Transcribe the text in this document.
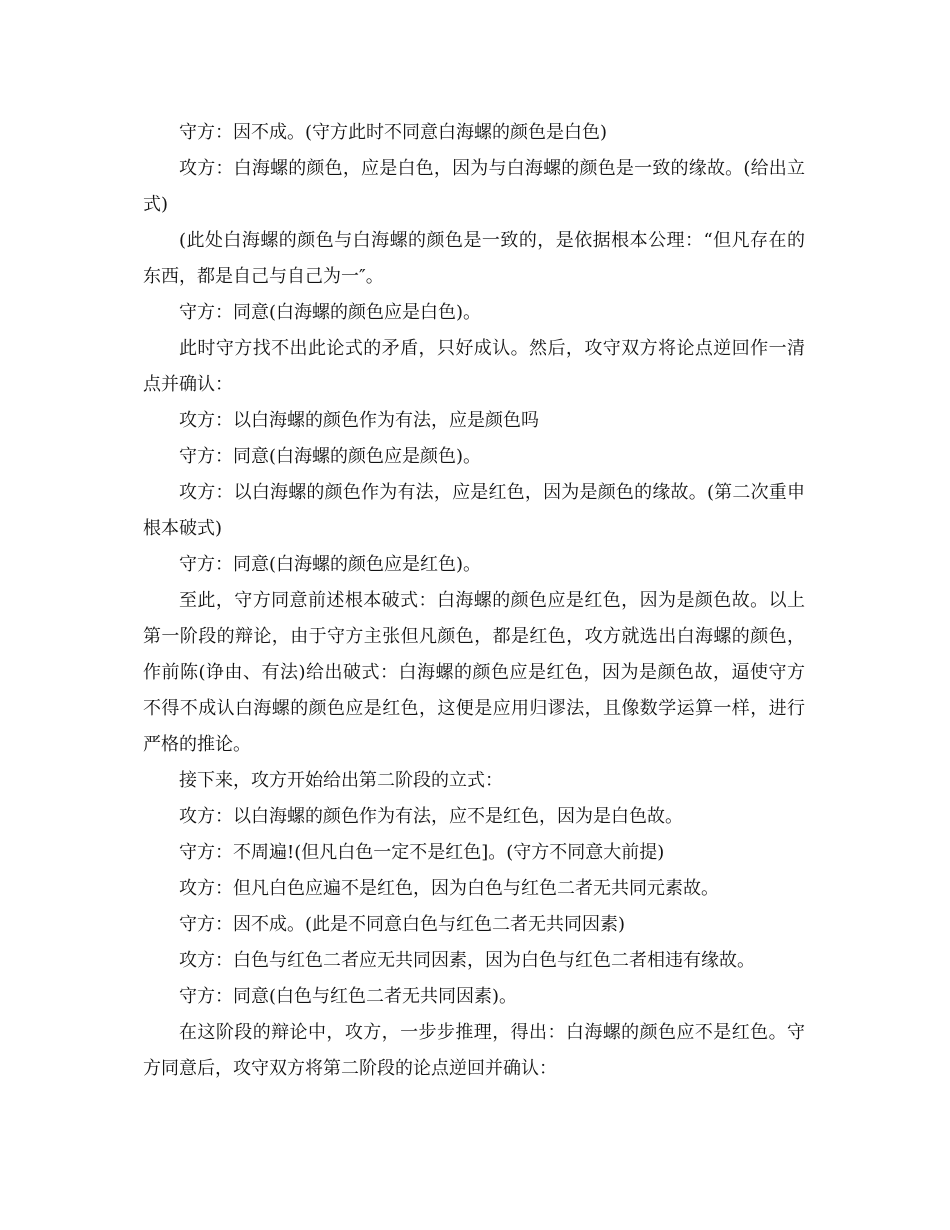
守方：因不成。(守方此时不同意白海螺的颜色是白色)

攻方：白海螺的颜色，应是白色，因为与白海螺的颜色是一致的缘故。(给出立式)

(此处白海螺的颜色与白海螺的颜色是一致的，是依据根本公理：“但凡存在的东西，都是自己与自己为一″。

守方：同意(白海螺的颜色应是白色)。

此时守方找不出此论式的矛盾，只好成认。然后，攻守双方将论点逆回作一清点并确认：

攻方：以白海螺的颜色作为有法，应是颜色吗

守方：同意(白海螺的颜色应是颜色)。

攻方：以白海螺的颜色作为有法，应是红色，因为是颜色的缘故。(第二次重申根本破式)

守方：同意(白海螺的颜色应是红色)。

至此，守方同意前述根本破式：白海螺的颜色应是红色，因为是颜色故。以上第一阶段的辩论，由于守方主张但凡颜色，都是红色，攻方就选出白海螺的颜色，作前陈(诤由、有法)给出破式：白海螺的颜色应是红色，因为是颜色故，逼使守方不得不成认白海螺的颜色应是红色，这便是应用归谬法，且像数学运算一样，进行严格的推论。

接下来，攻方开始给出第二阶段的立式：

攻方：以白海螺的颜色作为有法，应不是红色，因为是白色故。

守方：不周遍!(但凡白色一定不是红色]。(守方不同意大前提)

攻方：但凡白色应遍不是红色，因为白色与红色二者无共同元素故。

守方：因不成。(此是不同意白色与红色二者无共同因素)

攻方：白色与红色二者应无共同因素，因为白色与红色二者相违有缘故。

守方：同意(白色与红色二者无共同因素)。

在这阶段的辩论中，攻方，一步步推理，得出：白海螺的颜色应不是红色。守方同意后，攻守双方将第二阶段的论点逆回并确认：
